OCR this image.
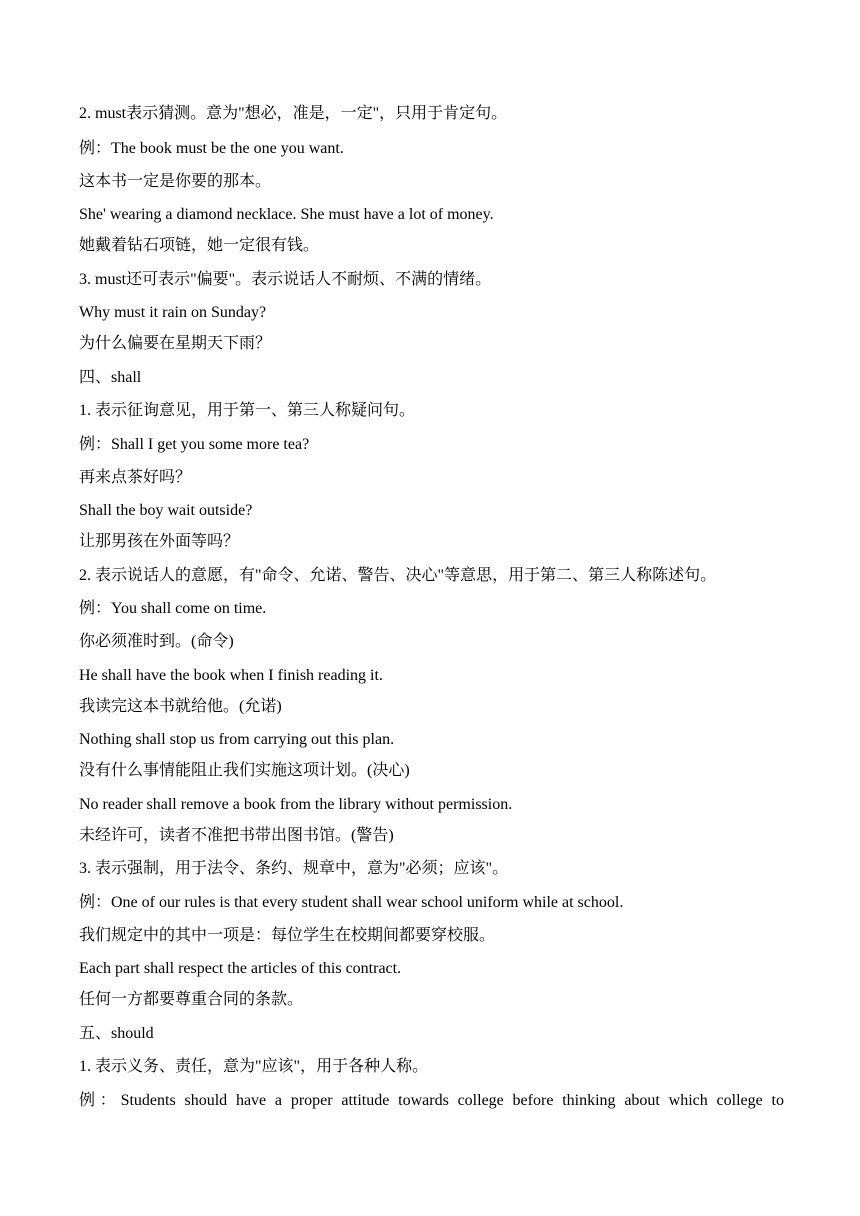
2. must表示猜测。意为"想必，准是，一定"，只用于肯定句。
例：The book must be the one you want.
这本书一定是你要的那本。
She' wearing a diamond necklace. She must have a lot of money.
她戴着钻石项链，她一定很有钱。
3. must还可表示"偏要"。表示说话人不耐烦、不满的情绪。
Why must it rain on Sunday?
为什么偏要在星期天下雨？
四、shall
1. 表示征询意见，用于第一、第三人称疑问句。
例：Shall I get you some more tea?
再来点茶好吗？
Shall the boy wait outside?
让那男孩在外面等吗？
2. 表示说话人的意愿，有"命令、允诺、警告、决心"等意思，用于第二、第三人称陈述句。
例：You shall come on time.
你必须准时到。(命令)
He shall have the book when I finish reading it.
我读完这本书就给他。(允诺)
Nothing shall stop us from carrying out this plan.
没有什么事情能阻止我们实施这项计划。(决心)
No reader shall remove a book from the library without permission.
未经许可，读者不准把书带出图书馆。(警告)
3. 表示强制，用于法令、条约、规章中，意为"必须；应该"。
例：One of our rules is that every student shall wear school uniform while at school.
我们规定中的其中一项是：每位学生在校期间都要穿校服。
Each part shall respect the articles of this contract.
任何一方都要尊重合同的条款。
五、should
1. 表示义务、责任，意为"应该"，用于各种人称。
例：Students should have a proper attitude towards college before thinking about which college to
